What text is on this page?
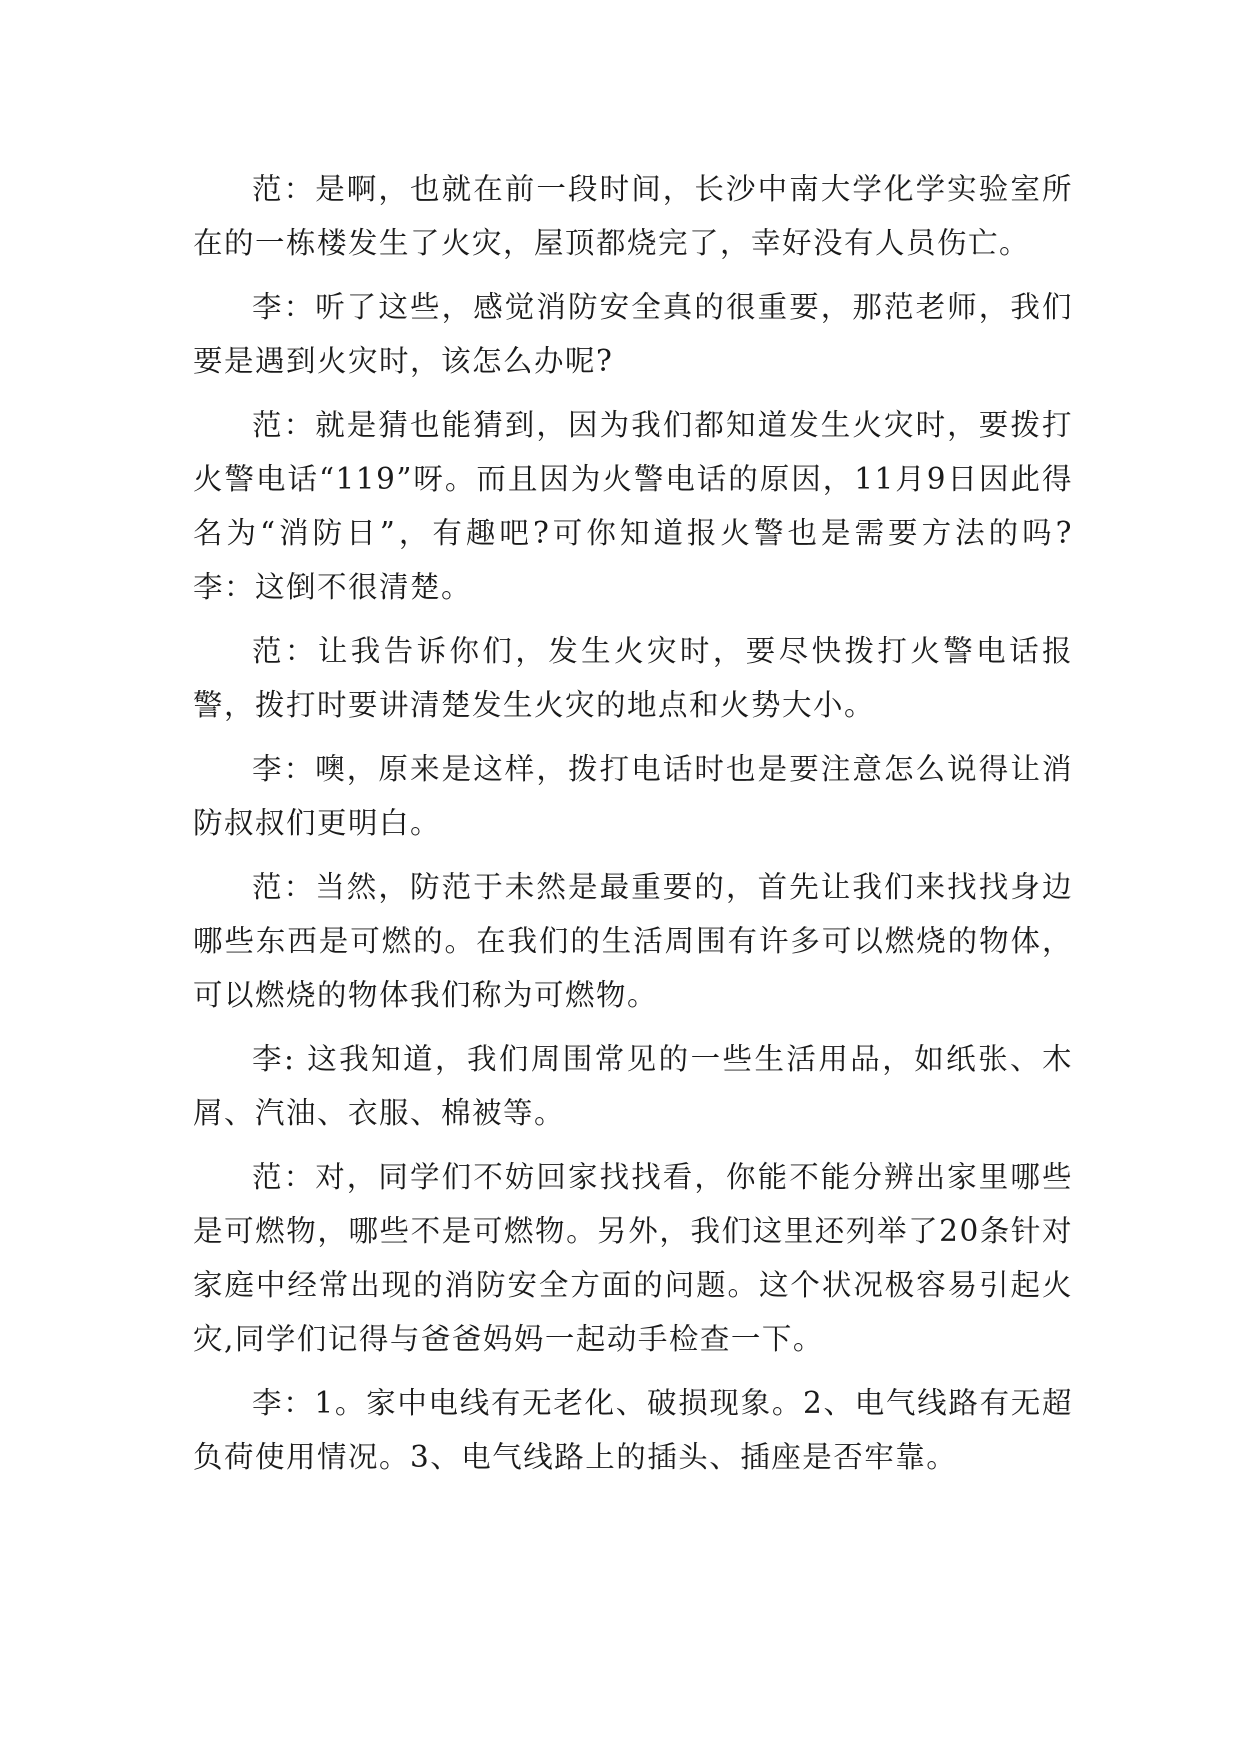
范：是啊，也就在前一段时间，长沙中南大学化学实验室所在的一栋楼发生了火灾，屋顶都烧完了，幸好没有人员伤亡。

李：听了这些，感觉消防安全真的很重要，那范老师，我们要是遇到火灾时，该怎么办呢?

范：就是猜也能猜到，因为我们都知道发生火灾时，要拨打火警电话“119”呀。而且因为火警电话的原因，11月9日因此得名为“消防日”，有趣吧?可你知道报火警也是需要方法的吗? 李：这倒不很清楚。

范：让我告诉你们，发生火灾时，要尽快拨打火警电话报警，拨打时要讲清楚发生火灾的地点和火势大小。

李：噢，原来是这样，拨打电话时也是要注意怎么说得让消防叔叔们更明白。

范：当然，防范于未然是最重要的，首先让我们来找找身边哪些东西是可燃的。在我们的生活周围有许多可以燃烧的物体，可以燃烧的物体我们称为可燃物。

李: 这我知道，我们周围常见的一些生活用品，如纸张、木屑、汽油、衣服、棉被等。

范：对，同学们不妨回家找找看，你能不能分辨出家里哪些是可燃物，哪些不是可燃物。另外，我们这里还列举了20条针对家庭中经常出现的消防安全方面的问题。这个状况极容易引起火灾,同学们记得与爸爸妈妈一起动手检查一下。

李：1。家中电线有无老化、破损现象。2、电气线路有无超负荷使用情况。3、电气线路上的插头、插座是否牢靠。
